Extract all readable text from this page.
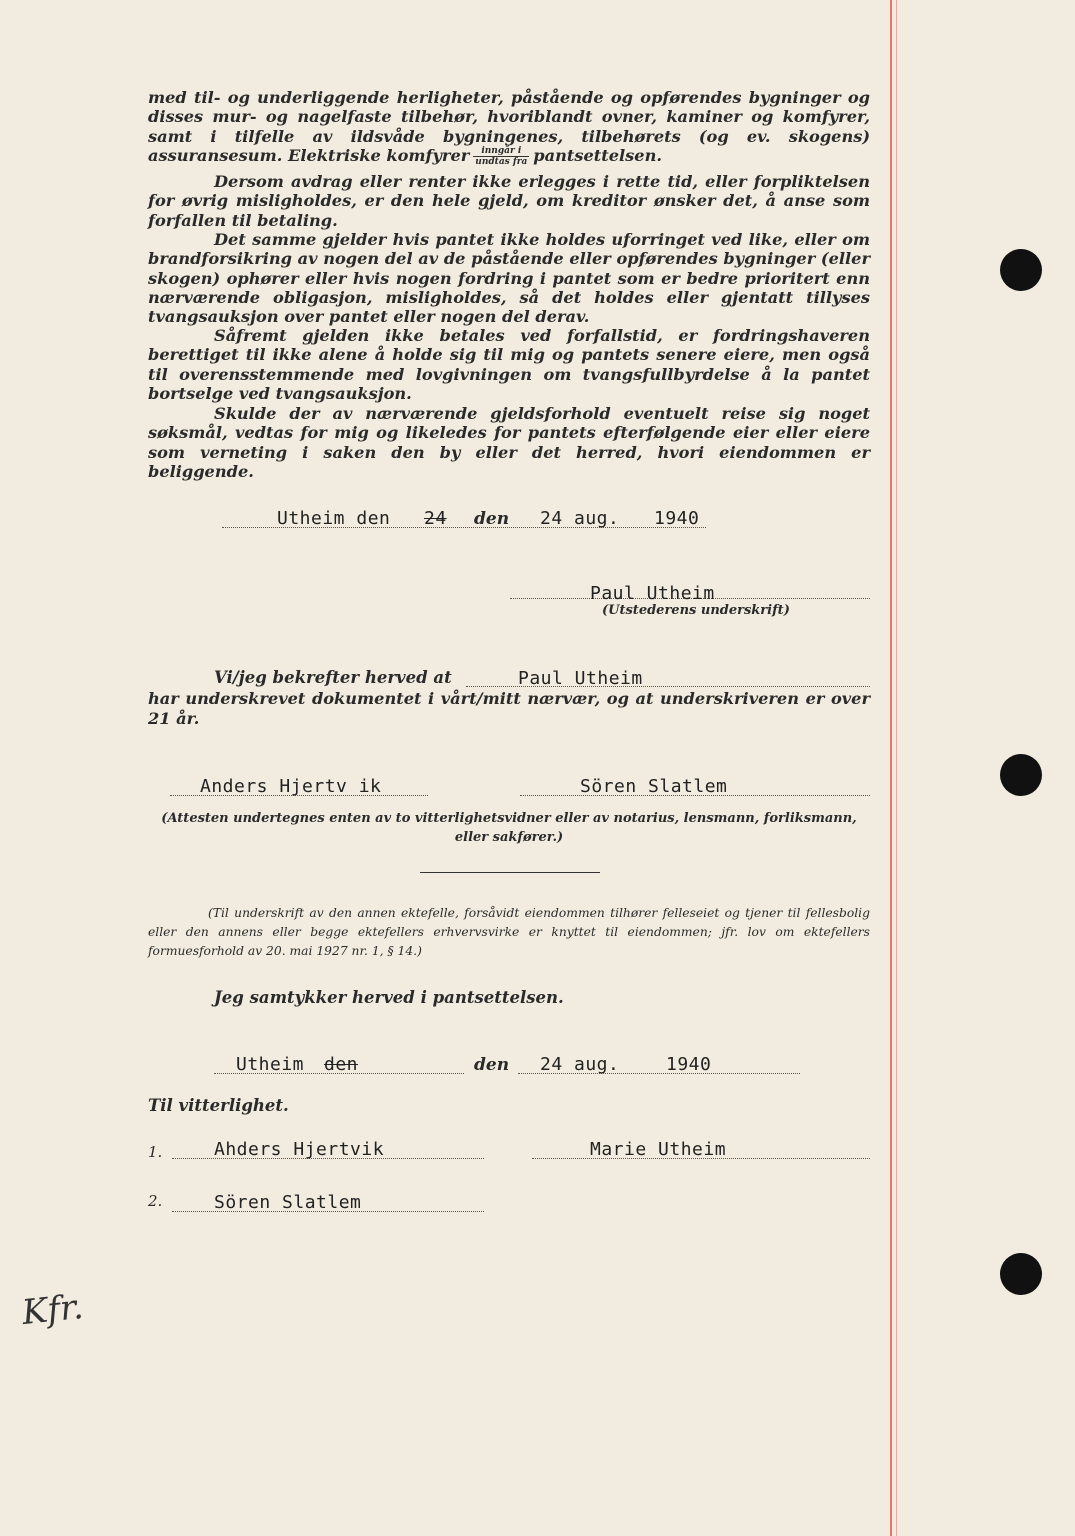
med til- og underliggende herligheter, påstående og opførendes bygninger og disses mur- og nagelfaste tilbehør, hvoriblandt ovner, kaminer og komfyrer, samt i tilfelle av ildsvåde bygningenes, tilbehørets (og ev. skogens) assuransesum. Elektriske komfyrer $\frac{\text{inngår i}}{\text{undtas fra}}$ pantsettelsen.

Dersom avdrag eller renter ikke erlegges i rette tid, eller forpliktelsen for øvrig misligholdes, er den hele gjeld, om kreditor ønsker det, å anse som forfallen til betaling.

Det samme gjelder hvis pantet ikke holdes uforringet ved like, eller om brandforsikring av nogen del av de påstående eller opførendes bygninger (eller skogen) ophører eller hvis nogen fordring i pantet som er bedre prioritert enn nærværende obligasjon, misligholdes, så det holdes eller gjentatt tillyses tvangsauksjon over pantet eller nogen del derav.

Såfremt gjelden ikke betales ved forfallstid, er fordringshaveren berettiget til ikke alene å holde sig til mig og pantets senere eiere, men også til overensstemmende med lovgivningen om tvangsfullbyrdelse å la pantet bortselge ved tvangsauksjon.

Skulde der av nærværende gjeldsforhold eventuelt reise sig noget søksmål, vedtas for mig og likeledes for pantets efterfølgende eier eller eiere som verneting i saken den by eller det herred, hvori eiendommen er beliggende.

Utheim den 24 den 24 aug. 1940
Paul Utheim
(Utstederens underskrift)
Vi/jeg bekrefter herved at	Paul Utheim

har underskrevet dokumentet i vårt/mitt nærvær, og at underskriveren er over 21 år.

Anders Hjertv ik	Sören Slatlem

(Attesten undertegnes enten av to vitterlighetsvidner eller av notarius, lensmann, forliksmann, eller sakfører.)

(Til underskrift av den annen ektefelle, forsåvidt eiendommen tilhører felleseiet og tjener til fellesbolig eller den annens eller begge ektefellers erhvervsvirke er knyttet til eiendommen; jfr. lov om ektefellers formuesforhold av 20. mai 1927 nr. 1, § 14.)

Jeg samtykker herved i pantsettelsen.
Utheim den	den 24 aug.	1940
Til vitterlighet.
1.	Ahders Hjertvik	Marie Utheim
2.	Sören Slatlem
Kfr.
